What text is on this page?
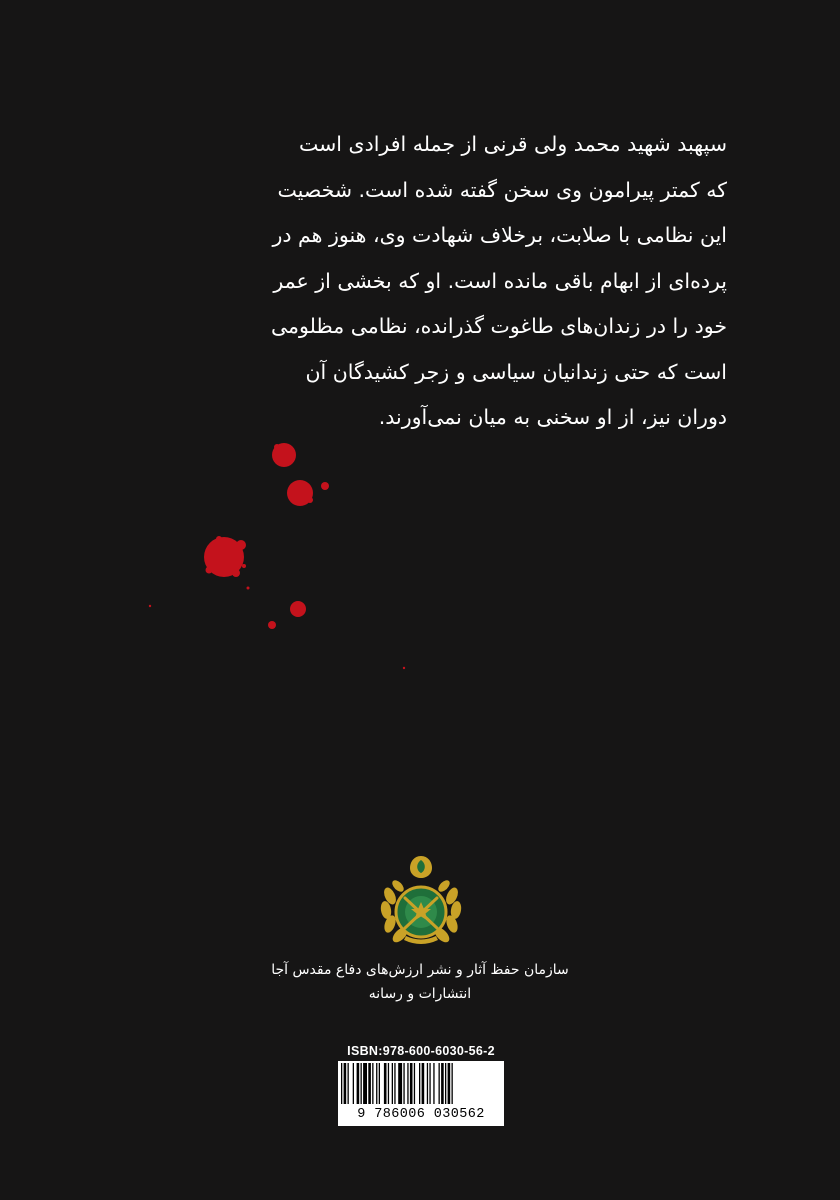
سپهبد شهید محمد ولی قرنی از جمله افرادی است
که کمتر پیرامون وی سخن گفته شده است. شخصیت
این نظامی با صلابت، برخلاف شهادت وی، هنوز هم در
پرده‌ای از ابهام باقی مانده است. او که بخشی از عمر
خود را در زندان‌های طاغوت گذرانده، نظامی مظلومی
است که حتی زندانیان سیاسی و زجر کشیدگان آن
دوران نیز، از او سخنی به میان نمی‌آورند.
سازمان حفظ آثار و نشر ارزش‌های دفاع مقدس آجا
انتشارات و رسانه
ISBN:978-600-6030-56-2
9 786006 030562
